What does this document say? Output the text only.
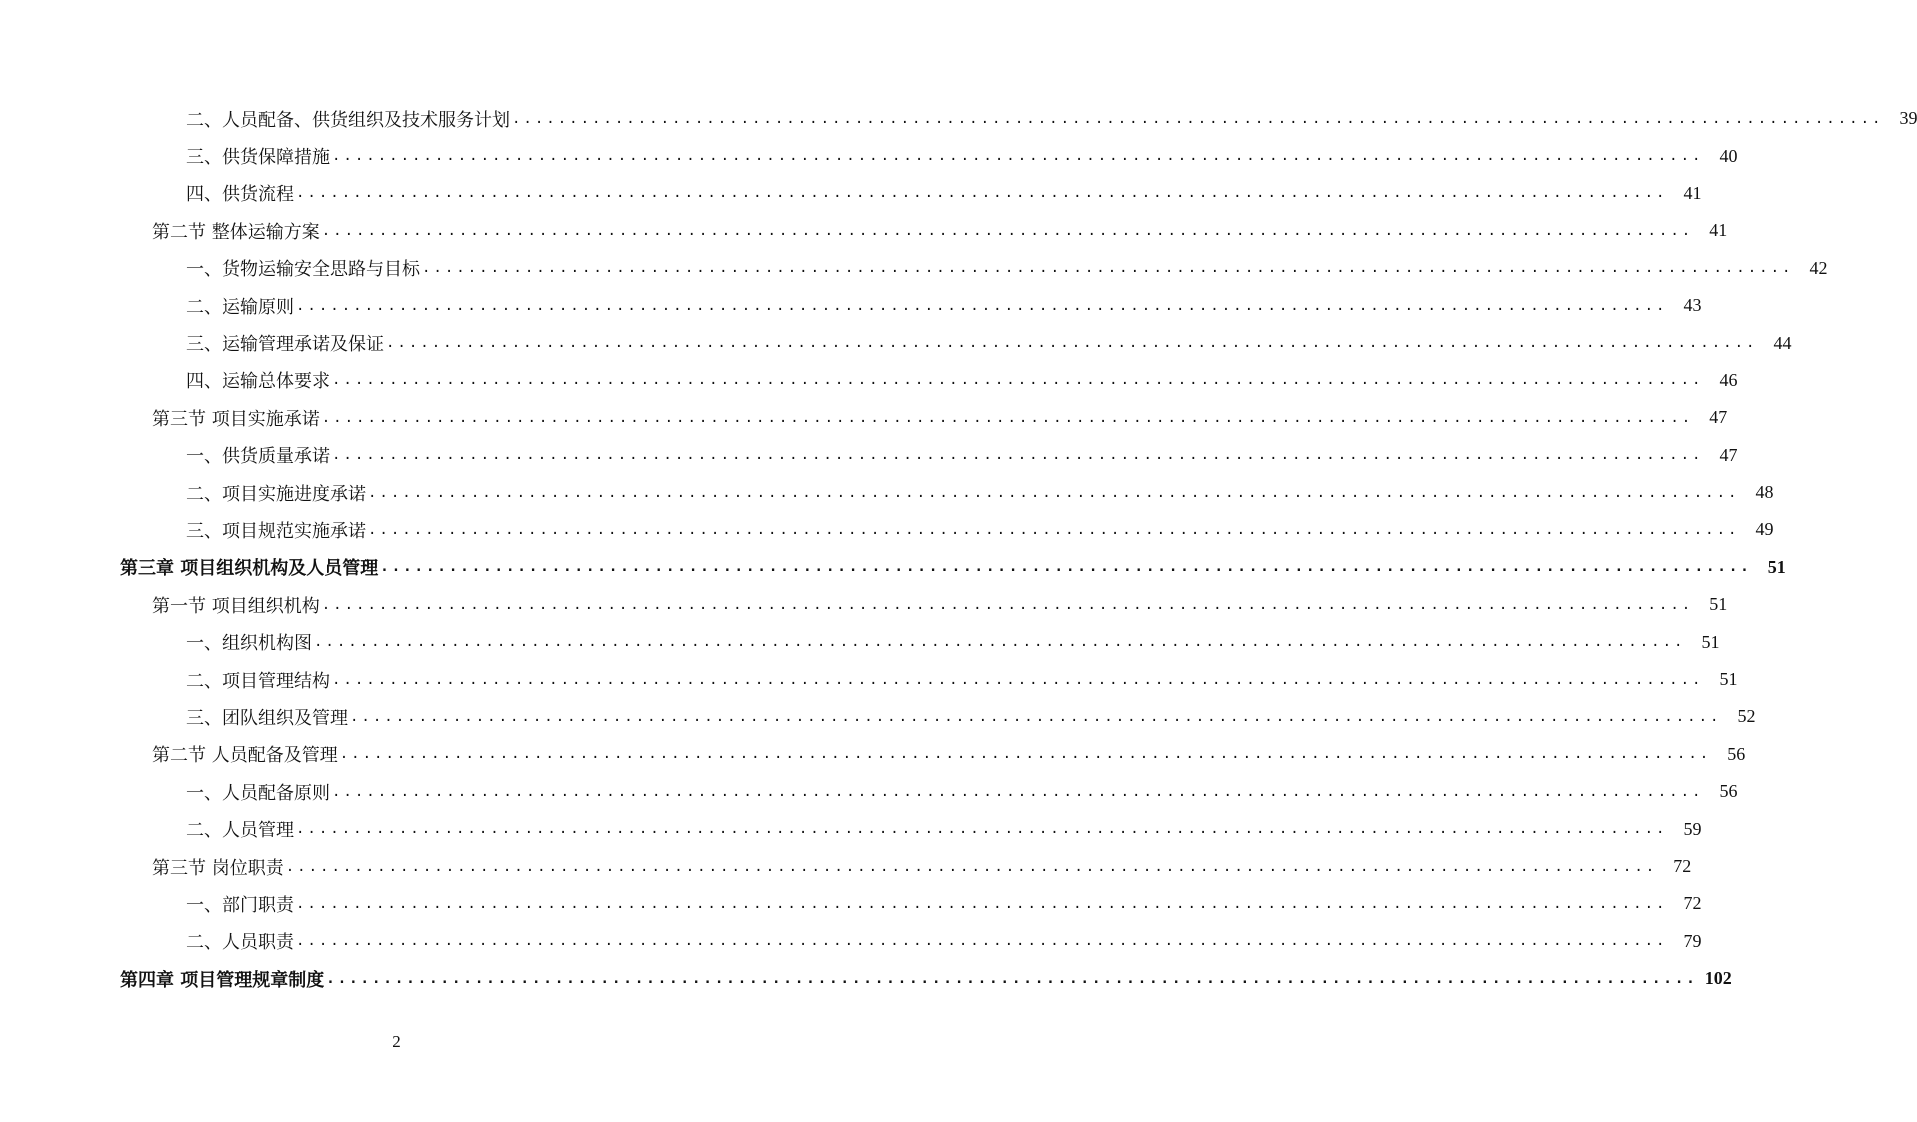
二、人员配备、供货组织及技术服务计划 ........................................................................................................................ 39
三、供货保障措施 ........................................................................................................................ 40
四、供货流程 ........................................................................................................................ 41
第二节 整体运输方案 ........................................................................................................................ 41
一、货物运输安全思路与目标 ........................................................................................................................ 42
二、运输原则 ........................................................................................................................ 43
三、运输管理承诺及保证 ........................................................................................................................ 44
四、运输总体要求 ........................................................................................................................ 46
第三节 项目实施承诺 ........................................................................................................................ 47
一、供货质量承诺 ........................................................................................................................ 47
二、项目实施进度承诺 ........................................................................................................................ 48
三、项目规范实施承诺 ........................................................................................................................ 49
第三章 项目组织机构及人员管理 ........................................................................................................................ 51
第一节 项目组织机构 ........................................................................................................................ 51
一、组织机构图 ........................................................................................................................ 51
二、项目管理结构 ........................................................................................................................ 51
三、团队组织及管理 ........................................................................................................................ 52
第二节 人员配备及管理 ........................................................................................................................ 56
一、人员配备原则 ........................................................................................................................ 56
二、人员管理 ........................................................................................................................ 59
第三节 岗位职责 ........................................................................................................................ 72
一、部门职责 ........................................................................................................................ 72
二、人员职责 ........................................................................................................................ 79
第四章 项目管理规章制度 ........................................................................................................................ 102
2
